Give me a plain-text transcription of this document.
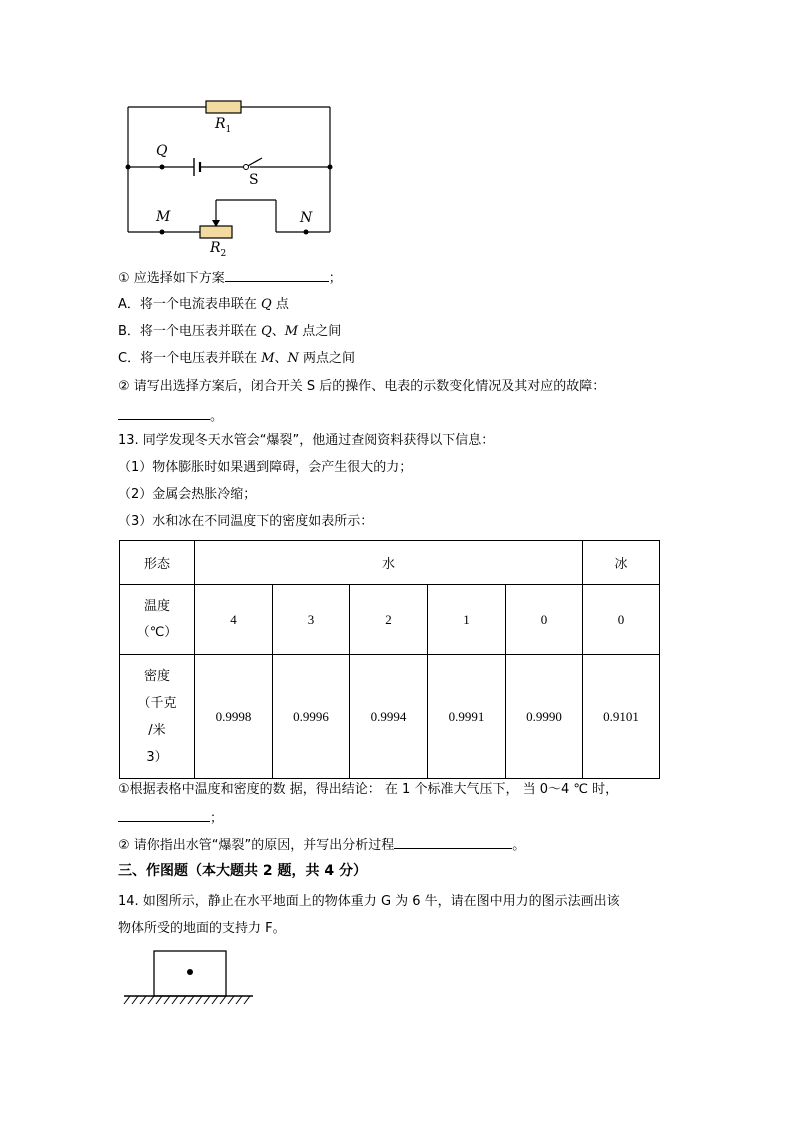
$R_1$
Q
S
M	N
$R_2$
① 应选择如下方案	；
A．将一个电流表串联在 Q 点
B．将一个电压表并联在 Q、M 点之间
C．将一个电压表并联在 M、N 两点之间
② 请写出选择方案后，闭合开关 S 后的操作、电表的示数变化情况及其对应的故障：
。
13. 同学发现冬天水管会“爆裂”，他通过查阅资料获得以下信息：
（1）物体膨胀时如果遇到障碍，会产生很大的力；
（2）金属会热胀冷缩；
（3）水和冰在不同温度下的密度如表所示：
形态	水					冰

温度
（℃）	4	3	2	1	0	0

密度
（千克
/米
3）	0.9998	0.9996	0.9994	0.9991	0.9990	0.9101
①根据表格中温度和密度的数 据，得出结论： 在 1 个标准大气压下， 当 0～4 ℃ 时，
；
② 请你指出水管“爆裂”的原因，并写出分析过程	。
三、作图题（本大题共 2 题，共 4 分）
14. 如图所示，静止在水平地面上的物体重力 G 为 6 牛，请在图中用力的图示法画出该
物体所受的地面的支持力 F。
